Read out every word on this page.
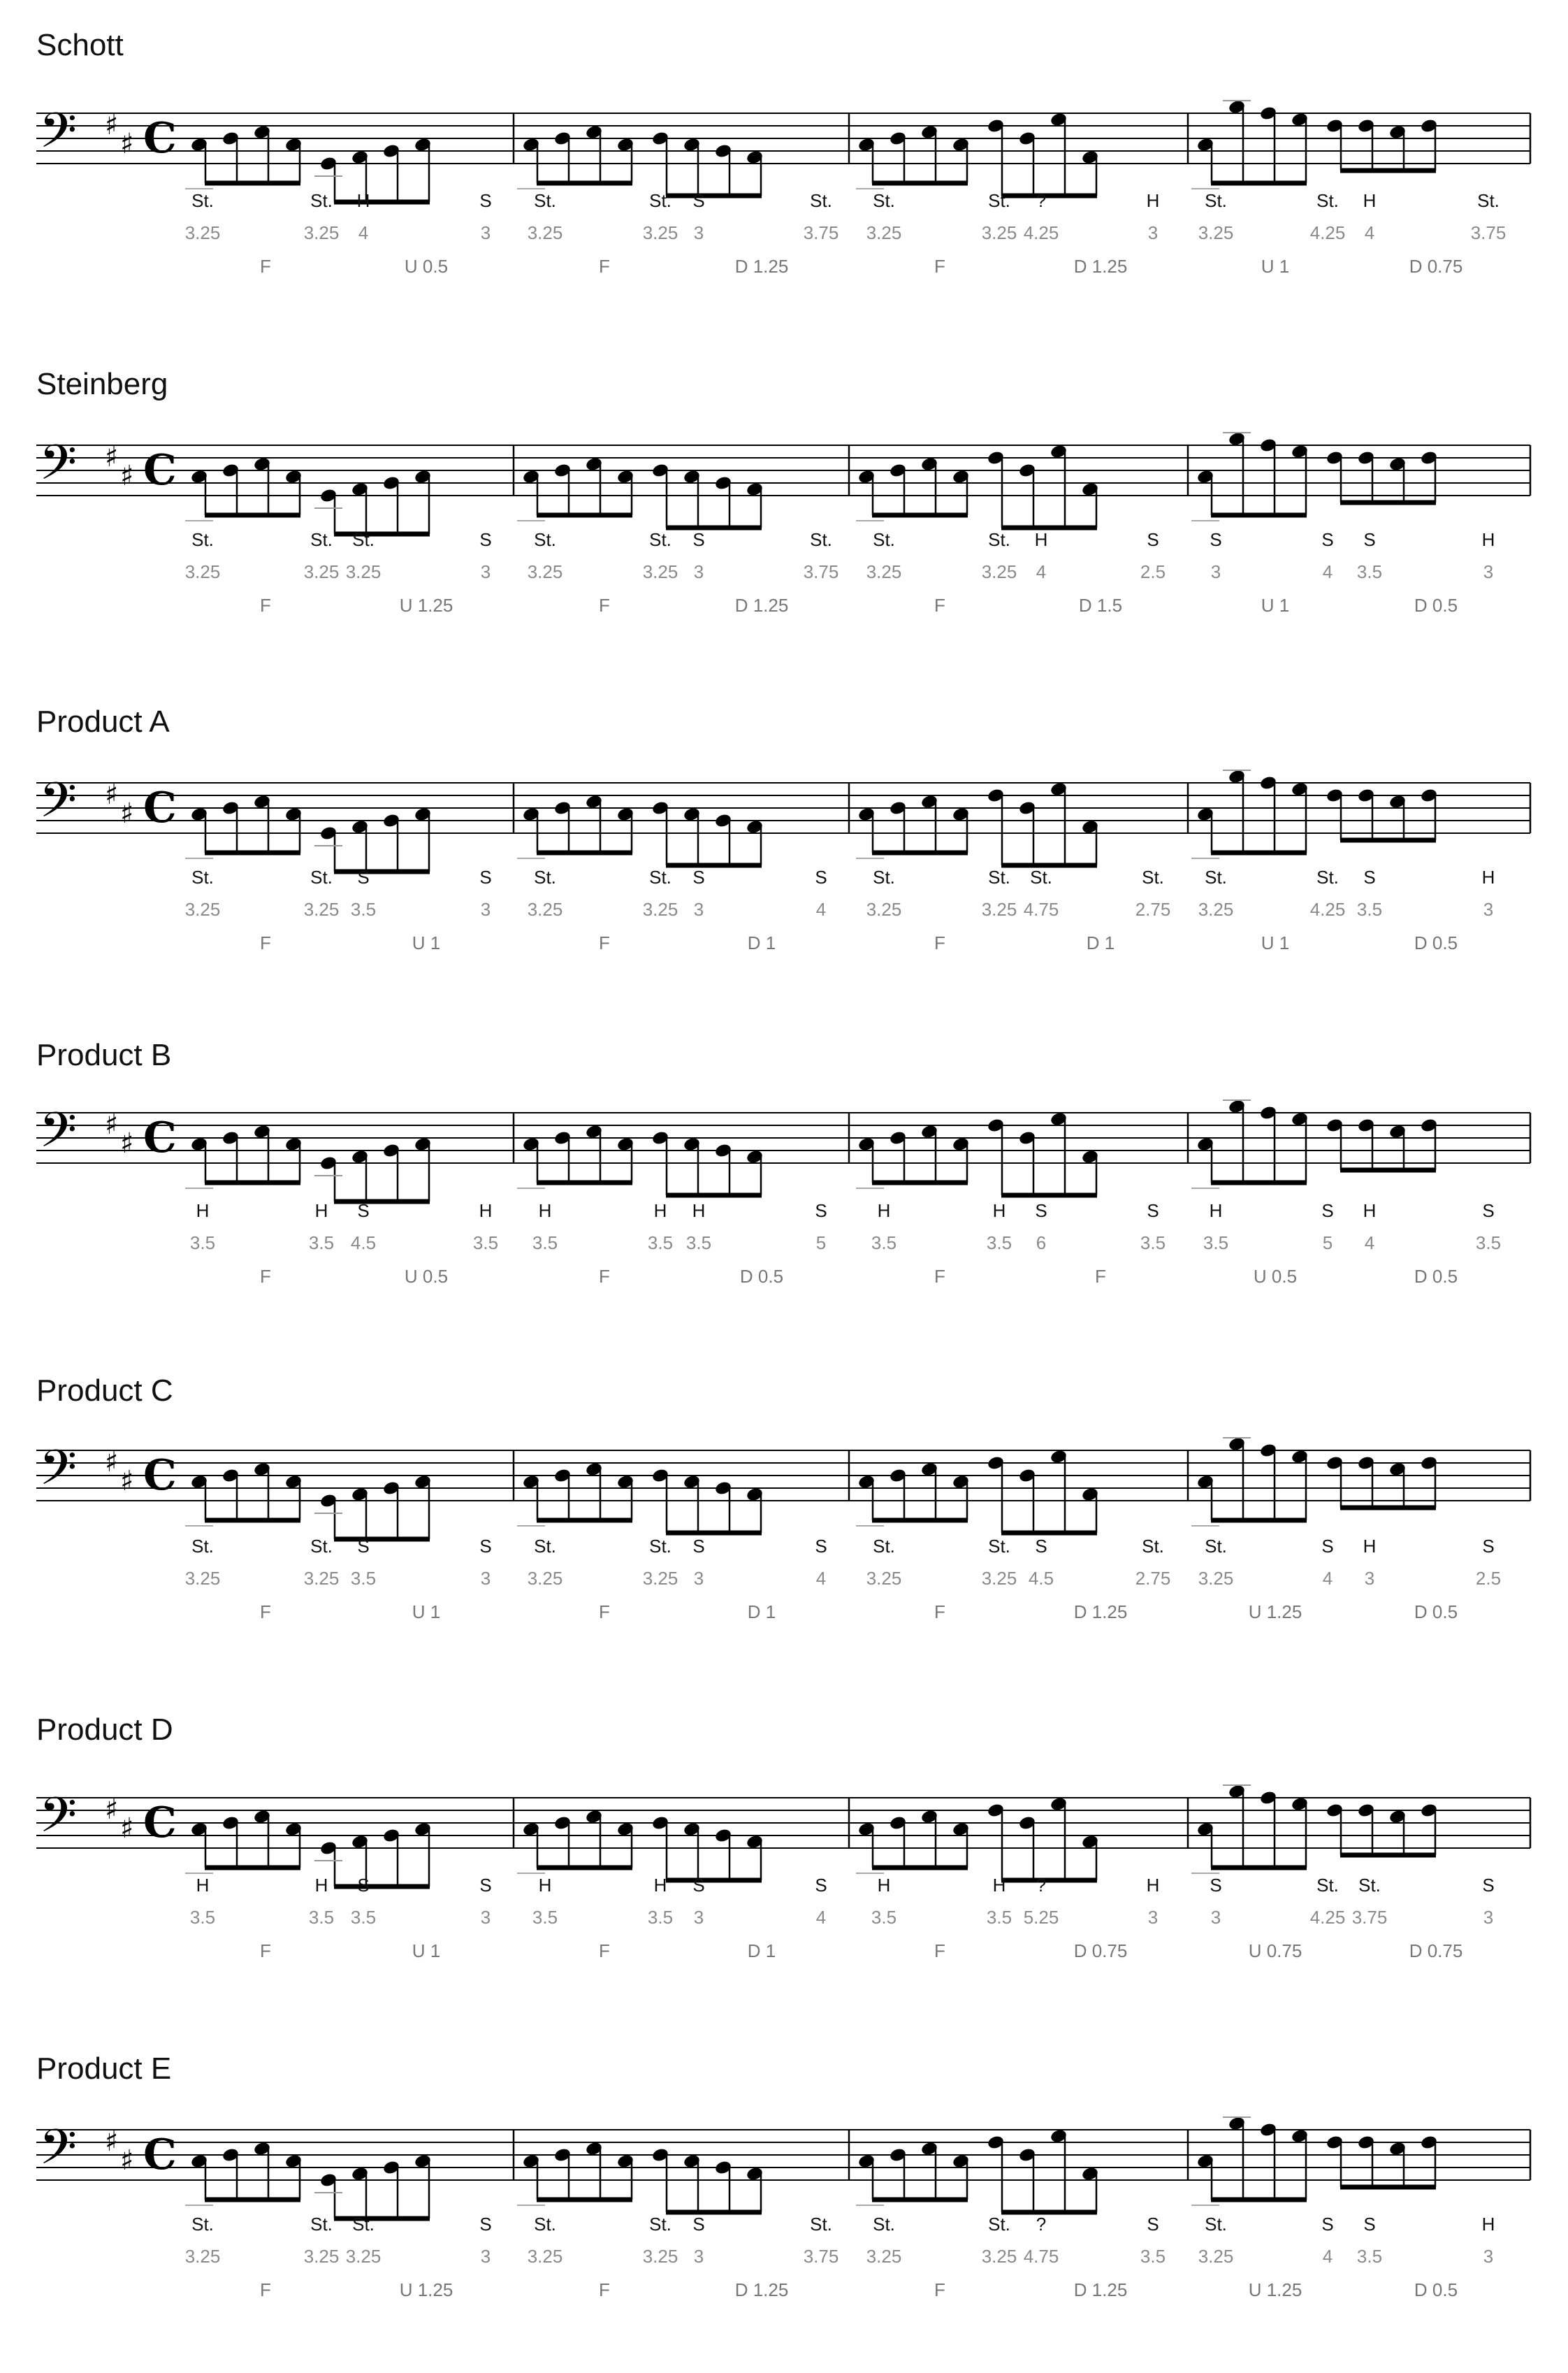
Schott
𝄢 ♯
♯ C
St.	St. H	S St.	St. S	St. St.	St. ?	H St.	St. H	St.
3.25	3.25 4	3 3.25	3.25 3	3.75 3.25	3.25 4.25	3 3.25	4.25 4	3.75
F	U 0.5	F	D 1.25	F	D 1.25	U 1	D 0.75
Steinberg
𝄢 ♯
♯ C
St.	St. St.	S St.	St. S	St. St.	St. H	S	S	S S	H
3.25	3.25 3.25	3 3.25	3.25 3	3.75 3.25	3.25 4	2.5 3	4 3.5	3
F	U 1.25	F	D 1.25	F	D 1.5	U 1	D 0.5
Product A
𝄢 ♯
♯ C
St.	St. S	S St.	St. S	S	St.	St. St.	St. St.	St. S	H
3.25	3.25 3.5	3 3.25	3.25 3	4 3.25	3.25 4.75	2.75 3.25	4.25 3.5	3
F	U 1	F	D 1	F	D 1	U 1	D 0.5
Product B
𝄢 ♯
♯ C
H	H S	H	H	H H	S	H	H S	S	H	S H	S
3.5	3.5 4.5	3.5 3.5	3.5 3.5	5 3.5	3.5 6	3.5 3.5	5 4	3.5
F	U 0.5	F	D 0.5	F	F	U 0.5	D 0.5
Product C
𝄢 ♯
♯ C
St.	St. S	S St.	St. S	S	St.	St. S	St. St.	S H	S
3.25	3.25 3.5	3 3.25	3.25 3	4 3.25	3.25 4.5	2.75 3.25	4 3	2.5
F	U 1	F	D 1	F	D 1.25	U 1.25	D 0.5
Product D
𝄢 ♯
♯ C
H	H S	S	H	H S	S	H	H ?	H	S	St. St.	S
3.5	3.5 3.5	3 3.5	3.5 3	4 3.5	3.5 5.25	3	3	4.25 3.75	3
F	U 1	F	D 1	F	D 0.75	U 0.75	D 0.75
Product E
𝄢 ♯
♯ C
St.	St. St.	S St.	St. S	St. St.	St. ?	S	St.	S S	H
3.25	3.25 3.25	3 3.25	3.25 3	3.75 3.25	3.25 4.75	3.5 3.25	4 3.5	3
F	U 1.25	F	D 1.25	F	D 1.25	U 1.25	D 0.5
